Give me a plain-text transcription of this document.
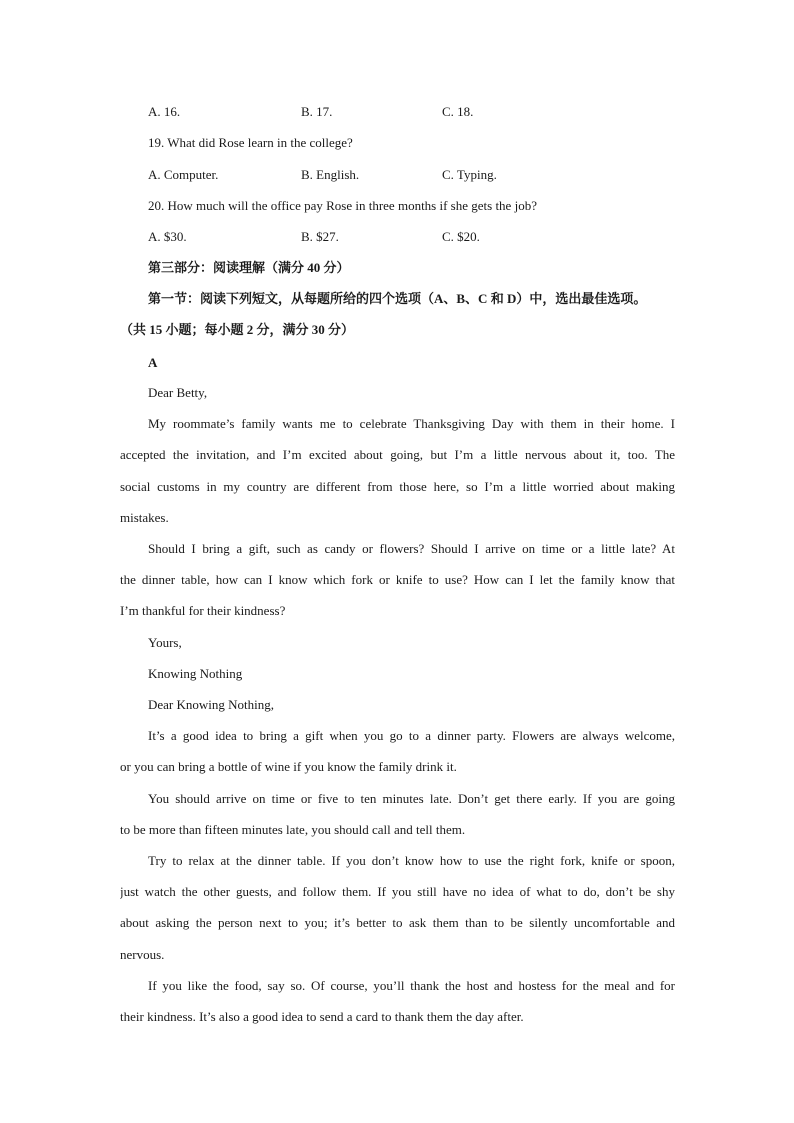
A. 16.	B. 17.	C. 18.
19. What did Rose learn in the college?
A. Computer.	B. English.	C. Typing.
20. How much will the office pay Rose in three months if she gets the job?
A. $30.	B. $27.	C. $20.
第三部分：阅读理解（满分 40 分）
第一节：阅读下列短文，从每题所给的四个选项（A、B、C 和 D）中，选出最佳选项。
（共 15 小题；每小题 2 分，满分 30 分）
A
Dear Betty,
My roommate’s family wants me to celebrate Thanksgiving Day with them in their home. I
accepted the invitation, and I’m excited about going, but I’m a little nervous about it, too. The
social customs in my country are different from those here, so I’m a little worried about making
mistakes.
Should I bring a gift, such as candy or flowers? Should I arrive on time or a little late? At
the dinner table, how can I know which fork or knife to use? How can I let the family know that
I’m thankful for their kindness?
Yours,
Knowing Nothing
Dear Knowing Nothing,
It’s a good idea to bring a gift when you go to a dinner party. Flowers are always welcome,
or you can bring a bottle of wine if you know the family drink it.
You should arrive on time or five to ten minutes late. Don’t get there early. If you are going
to be more than fifteen minutes late, you should call and tell them.
Try to relax at the dinner table. If you don’t know how to use the right fork, knife or spoon,
just watch the other guests, and follow them. If you still have no idea of what to do, don’t be shy
about asking the person next to you; it’s better to ask them than to be silently uncomfortable and
nervous.
If you like the food, say so. Of course, you’ll thank the host and hostess for the meal and for
their kindness. It’s also a good idea to send a card to thank them the day after.
